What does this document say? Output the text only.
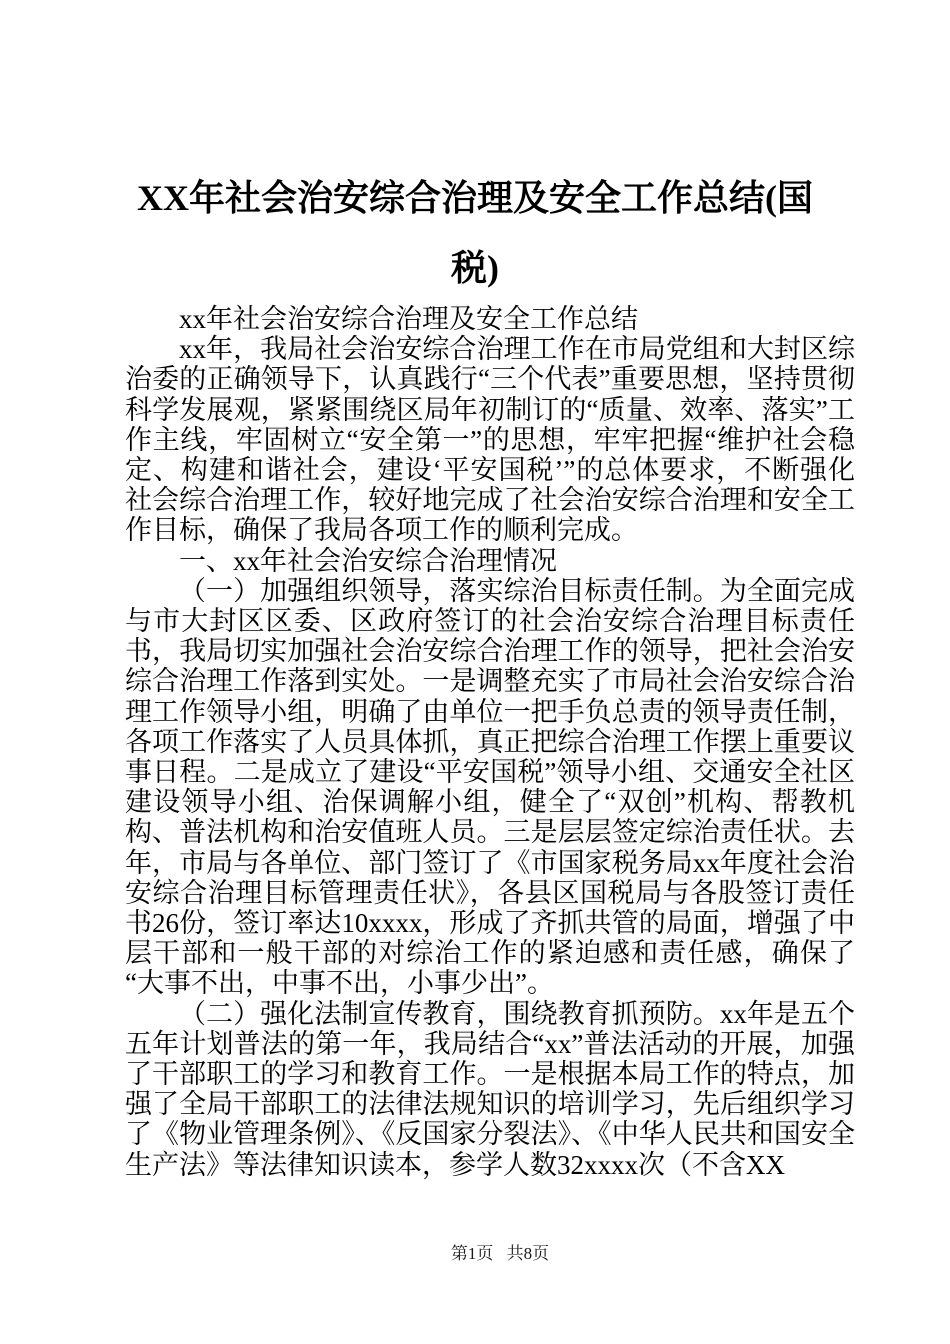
XX年社会治安综合治理及安全工作总结(国税)

xx年社会治安综合治理及安全工作总结

xx年，我局社会治安综合治理工作在市局党组和大封区综治委的正确领导下，认真践行“三个代表”重要思想，坚持贯彻科学发展观，紧紧围绕区局年初制订的“质量、效率、落实”工作主线，牢固树立“安全第一”的思想，牢牢把握“维护社会稳定、构建和谐社会，建设‘平安国税’”的总体要求，不断强化社会综合治理工作，较好地完成了社会治安综合治理和安全工作目标，确保了我局各项工作的顺利完成。

一、xx年社会治安综合治理情况

（一）加强组织领导，落实综治目标责任制。为全面完成与市大封区区委、区政府签订的社会治安综合治理目标责任书，我局切实加强社会治安综合治理工作的领导，把社会治安综合治理工作落到实处。一是调整充实了市局社会治安综合治理工作领导小组，明确了由单位一把手负总责的领导责任制，各项工作落实了人员具体抓，真正把综合治理工作摆上重要议事日程。二是成立了建设“平安国税”领导小组、交通安全社区建设领导小组、治保调解小组，健全了“双创”机构、帮教机构、普法机构和治安值班人员。三是层层签定综治责任状。去年，市局与各单位、部门签订了《市国家税务局xx年度社会治安综合治理目标管理责任状》，各县区国税局与各股签订责任书26份，签订率达10xxxx，形成了齐抓共管的局面，增强了中层干部和一般干部的对综治工作的紧迫感和责任感，确保了“大事不出，中事不出，小事少出”。

（二）强化法制宣传教育，围绕教育抓预防。xx年是五个五年计划普法的第一年，我局结合“xx”普法活动的开展，加强了干部职工的学习和教育工作。一是根据本局工作的特点，加强了全局干部职工的法律法规知识的培训学习，先后组织学习了《物业管理条例》、《反国家分裂法》、《中华人民共和国安全生产法》等法律知识读本，参学人数32xxxx次（不含XX

第1页 共8页
